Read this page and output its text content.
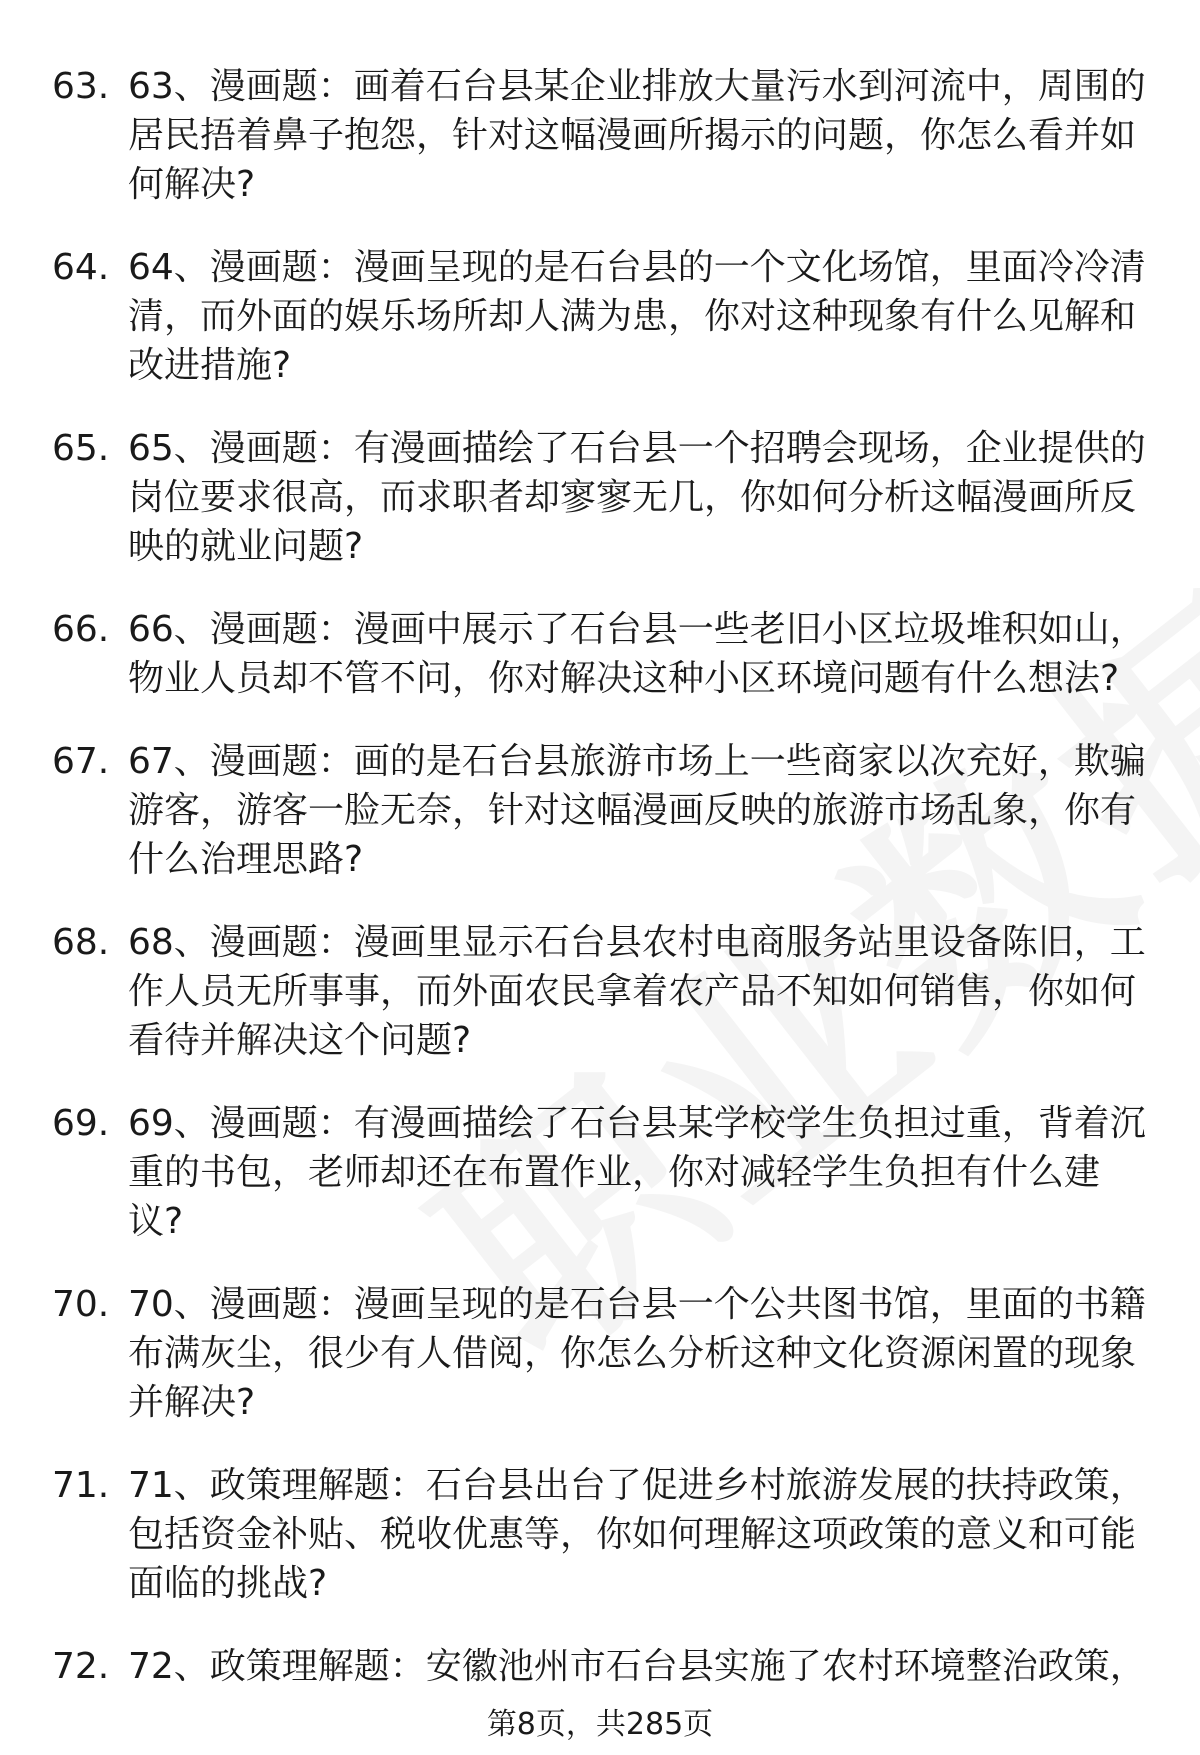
63. 63、漫画题：画着石台县某企业排放大量污水到河流中，周围的居民捂着鼻子抱怨，针对这幅漫画所揭示的问题，你怎么看并如何解决?
64. 64、漫画题：漫画呈现的是石台县的一个文化场馆，里面冷冷清清，而外面的娱乐场所却人满为患，你对这种现象有什么见解和改进措施?
65. 65、漫画题：有漫画描绘了石台县一个招聘会现场，企业提供的岗位要求很高，而求职者却寥寥无几，你如何分析这幅漫画所反映的就业问题?
66. 66、漫画题：漫画中展示了石台县一些老旧小区垃圾堆积如山，物业人员却不管不问，你对解决这种小区环境问题有什么想法?
67. 67、漫画题：画的是石台县旅游市场上一些商家以次充好，欺骗游客，游客一脸无奈，针对这幅漫画反映的旅游市场乱象，你有什么治理思路?
68. 68、漫画题：漫画里显示石台县农村电商服务站里设备陈旧，工作人员无所事事，而外面农民拿着农产品不知如何销售，你如何看待并解决这个问题?
69. 69、漫画题：有漫画描绘了石台县某学校学生负担过重，背着沉重的书包，老师却还在布置作业，你对减轻学生负担有什么建议?
70. 70、漫画题：漫画呈现的是石台县一个公共图书馆，里面的书籍布满灰尘，很少有人借阅，你怎么分析这种文化资源闲置的现象并解决?
71. 71、政策理解题：石台县出台了促进乡村旅游发展的扶持政策，包括资金补贴、税收优惠等，你如何理解这项政策的意义和可能面临的挑战?
72. 72、政策理解题：安徽池州市石台县实施了农村环境整治政策，
第8页，共285页
